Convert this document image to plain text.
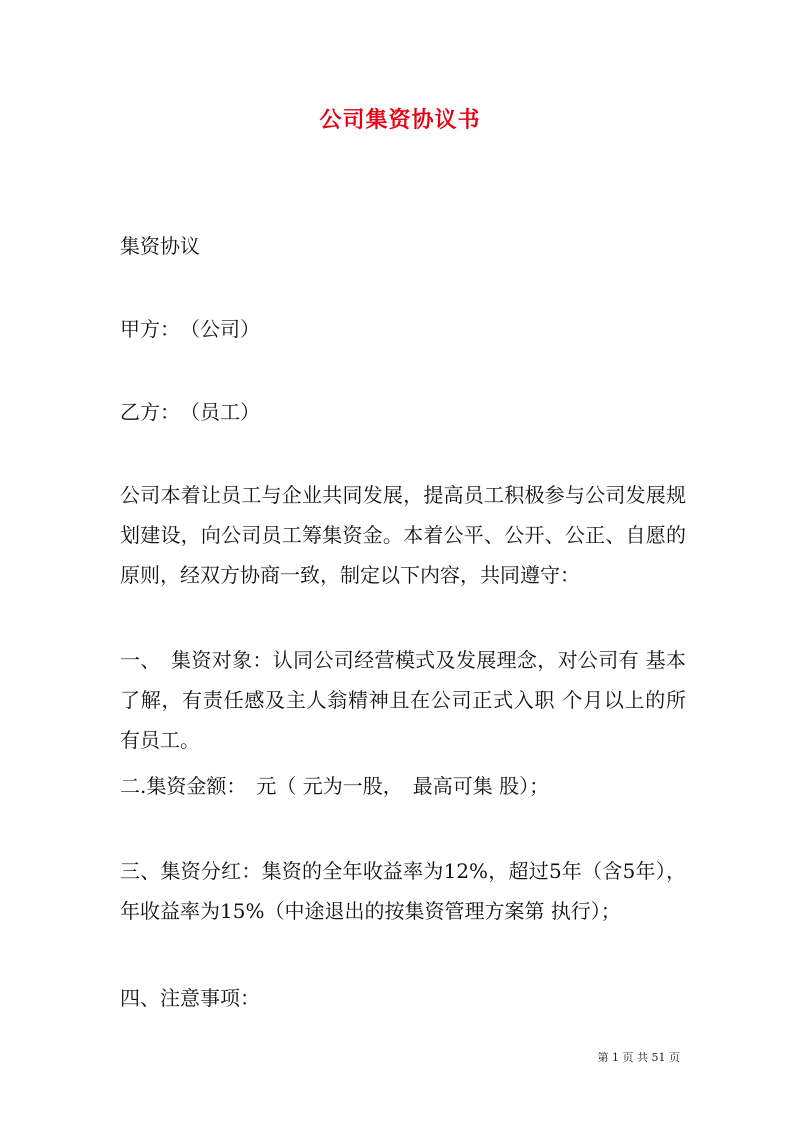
公司集资协议书

集资协议

甲方：　（公司）

乙方：　（员工）

公司本着让员工与企业共同发展，提高员工积极参与公司发展规划建设，向公司员工筹集资金。本着公平、公开、公正、自愿的原则，经双方协商一致，制定以下内容，共同遵守：

一、　集资对象：认同公司经营模式及发展理念，对公司有 基本了解，有责任感及主人翁精神且在公司正式入职 个月以上的所有员工。

二.集资金额：　元（ 元为一股，　最高可集 股）；

三、集资分红：集资的全年收益率为12%，超过5年（含5年），年收益率为15%（中途退出的按集资管理方案第 执行）；

四、注意事项：

第 1 页 共 51 页
